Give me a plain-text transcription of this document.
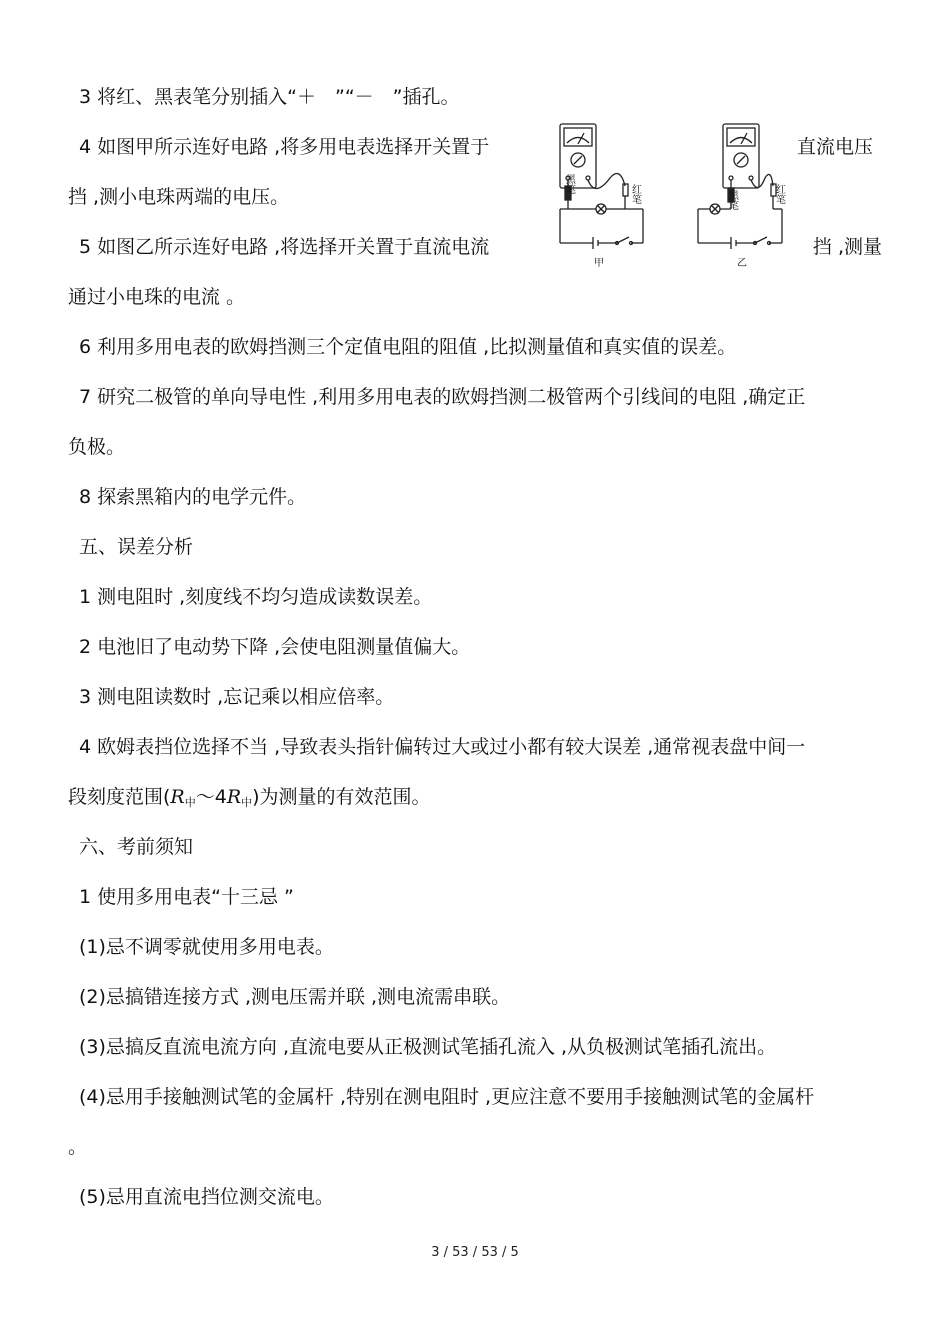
3 将红、黑表笔分别插入“＋　”“－　”插孔。
4 如图甲所示连好电路 ,将多用电表选择开关置于	直流电压
挡 ,测小电珠两端的电压。
5 如图乙所示连好电路 ,将选择开关置于直流电流	挡 ,测量
通过小电珠的电流 。
黑笔	红笔
甲
黑笔	红笔
乙
6 利用多用电表的欧姆挡测三个定值电阻的阻值 ,比拟测量值和真实值的误差。
7 研究二极管的单向导电性 ,利用多用电表的欧姆挡测二极管两个引线间的电阻 ,确定正
负极。
8 探索黑箱内的电学元件。
五、误差分析
1 测电阻时 ,刻度线不均匀造成读数误差。
2 电池旧了电动势下降 ,会使电阻测量值偏大。
3 测电阻读数时 ,忘记乘以相应倍率。
4 欧姆表挡位选择不当 ,导致表头指针偏转过大或过小都有较大误差 ,通常视表盘中间一
段刻度范围$(R_中\sim 4R_中)$为测量的有效范围。
六、考前须知
1 使用多用电表“十三忌 ”
(1)忌不调零就使用多用电表。
(2)忌搞错连接方式 ,测电压需并联 ,测电流需串联。
(3)忌搞反直流电流方向 ,直流电要从正极测试笔插孔流入 ,从负极测试笔插孔流出。
(4)忌用手接触测试笔的金属杆 ,特别在测电阻时 ,更应注意不要用手接触测试笔的金属杆
。
(5)忌用直流电挡位测交流电。
3 / 53 / 53 / 5
